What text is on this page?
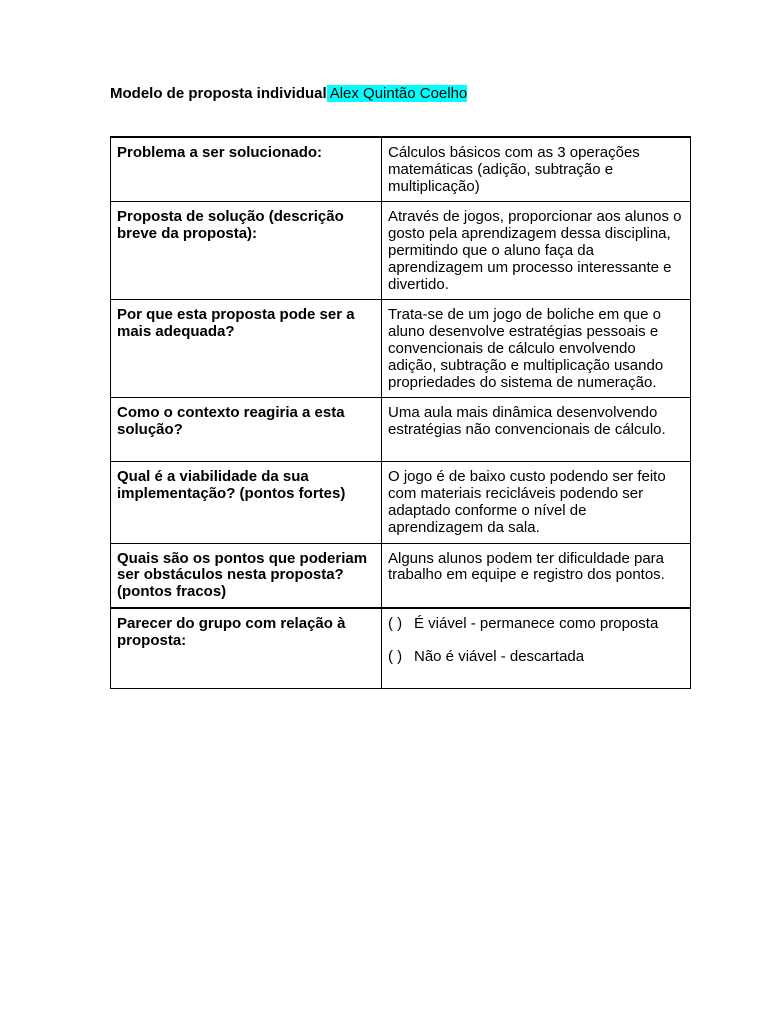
Modelo de proposta individual Alex Quintão Coelho
Problema a ser solucionado:	Cálculos básicos com as 3 operações matemáticas (adição, subtração e multiplicação)
Proposta de solução (descrição breve da proposta):	Através de jogos, proporcionar aos alunos o gosto pela aprendizagem dessa disciplina, permitindo que o aluno faça da aprendizagem um processo interessante e divertido.
Por que esta proposta pode ser a mais adequada?	Trata-se de um jogo de boliche em que o aluno desenvolve estratégias pessoais e convencionais de cálculo envolvendo adição, subtração e multiplicação usando propriedades do sistema de numeração.
Como o contexto reagiria a esta solução?	Uma aula mais dinâmica desenvolvendo estratégias não convencionais de cálculo.
Qual é a viabilidade da sua implementação? (pontos fortes)	O jogo é de baixo custo podendo ser feito com materiais recicláveis podendo ser adaptado conforme o nível de aprendizagem da sala.
Quais são os pontos que poderiam ser obstáculos nesta proposta? (pontos fracos)	Alguns alunos podem ter dificuldade para trabalho em equipe e registro dos pontos.
Parecer do grupo com relação à proposta:	( ) É viável - permanece como proposta
( ) Não é viável - descartada
